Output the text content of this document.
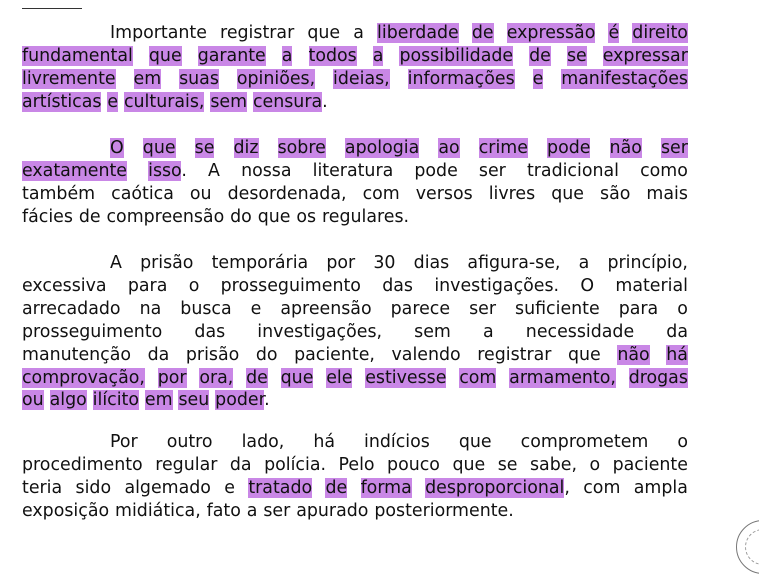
Importante registrar que a liberdade de expressão é direito
fundamental que garante a todos a possibilidade de se expressar
livremente em suas opiniões, ideias, informações e manifestações
artísticas e culturais, sem censura.
O que se diz sobre apologia ao crime pode não ser
exatamente isso. A nossa literatura pode ser tradicional como
também caótica ou desordenada, com versos livres que são mais
fácies de compreensão do que os regulares.
A prisão temporária por 30 dias afigura-se, a princípio,
excessiva para o prosseguimento das investigações. O material
arrecadado na busca e apreensão parece ser suficiente para o
prosseguimento das investigações, sem a necessidade da
manutenção da prisão do paciente, valendo registrar que não há
comprovação, por ora, de que ele estivesse com armamento, drogas
ou algo ilícito em seu poder.
Por outro lado, há indícios que comprometem o
procedimento regular da polícia. Pelo pouco que se sabe, o paciente
teria sido algemado e tratado de forma desproporcional, com ampla
exposição midiática, fato a ser apurado posteriormente.
